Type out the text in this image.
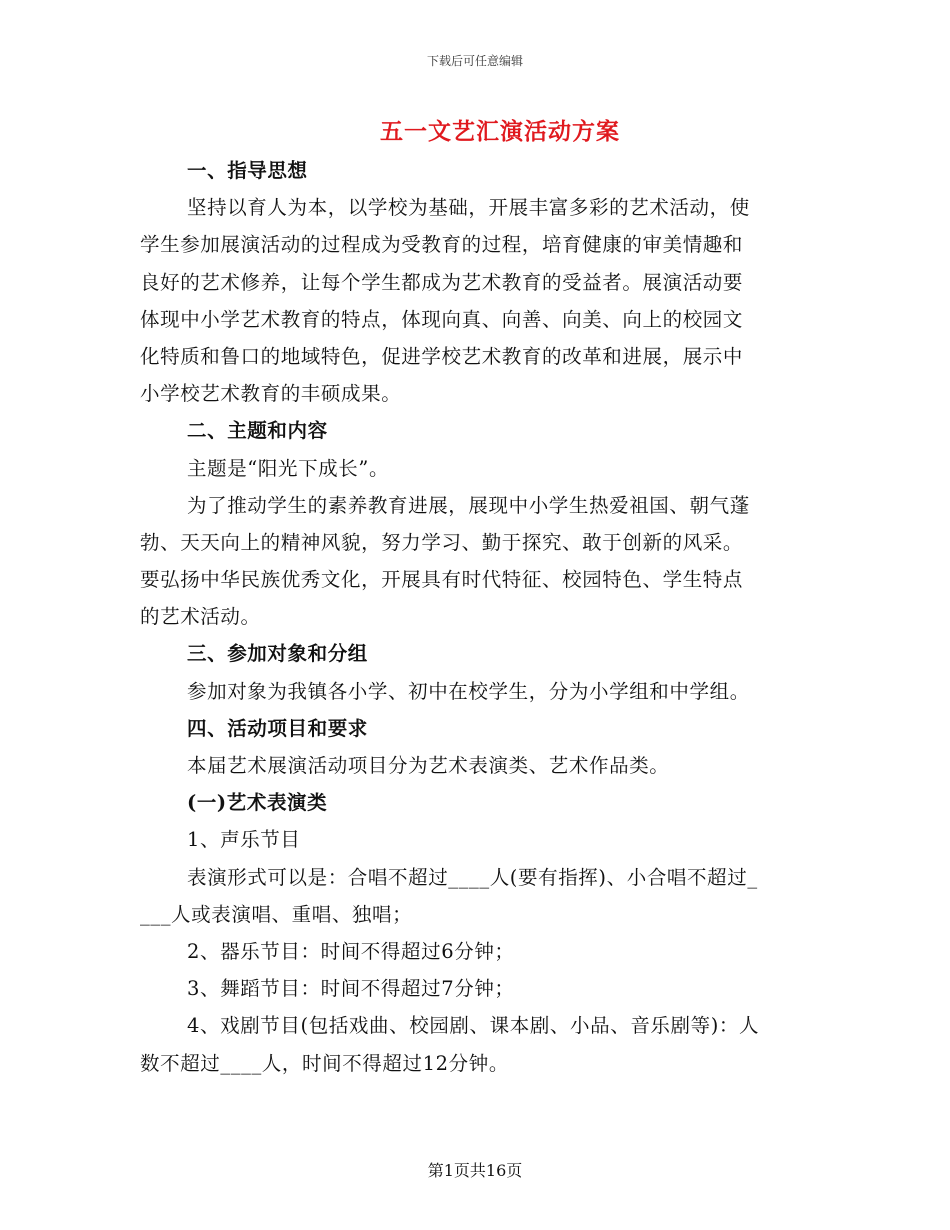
下载后可任意编辑
五一文艺汇演活动方案
一、指导思想
坚持以育人为本，以学校为基础，开展丰富多彩的艺术活动，使
学生参加展演活动的过程成为受教育的过程，培育健康的审美情趣和
良好的艺术修养，让每个学生都成为艺术教育的受益者。展演活动要
体现中小学艺术教育的特点，体现向真、向善、向美、向上的校园文
化特质和鲁口的地域特色，促进学校艺术教育的改革和进展，展示中
小学校艺术教育的丰硕成果。
二、主题和内容
主题是“阳光下成长”。
为了推动学生的素养教育进展，展现中小学生热爱祖国、朝气蓬
勃、天天向上的精神风貌，努力学习、勤于探究、敢于创新的风采。
要弘扬中华民族优秀文化，开展具有时代特征、校园特色、学生特点
的艺术活动。
三、参加对象和分组
参加对象为我镇各小学、初中在校学生，分为小学组和中学组。
四、活动项目和要求
本届艺术展演活动项目分为艺术表演类、艺术作品类。
(一)艺术表演类
1、声乐节目
表演形式可以是：合唱不超过____人(要有指挥)、小合唱不超过_
___人或表演唱、重唱、独唱；
2、器乐节目：时间不得超过6分钟；
3、舞蹈节目：时间不得超过7分钟；
4、戏剧节目(包括戏曲、校园剧、课本剧、小品、音乐剧等)：人
数不超过____人，时间不得超过12分钟。
第1页共16页
